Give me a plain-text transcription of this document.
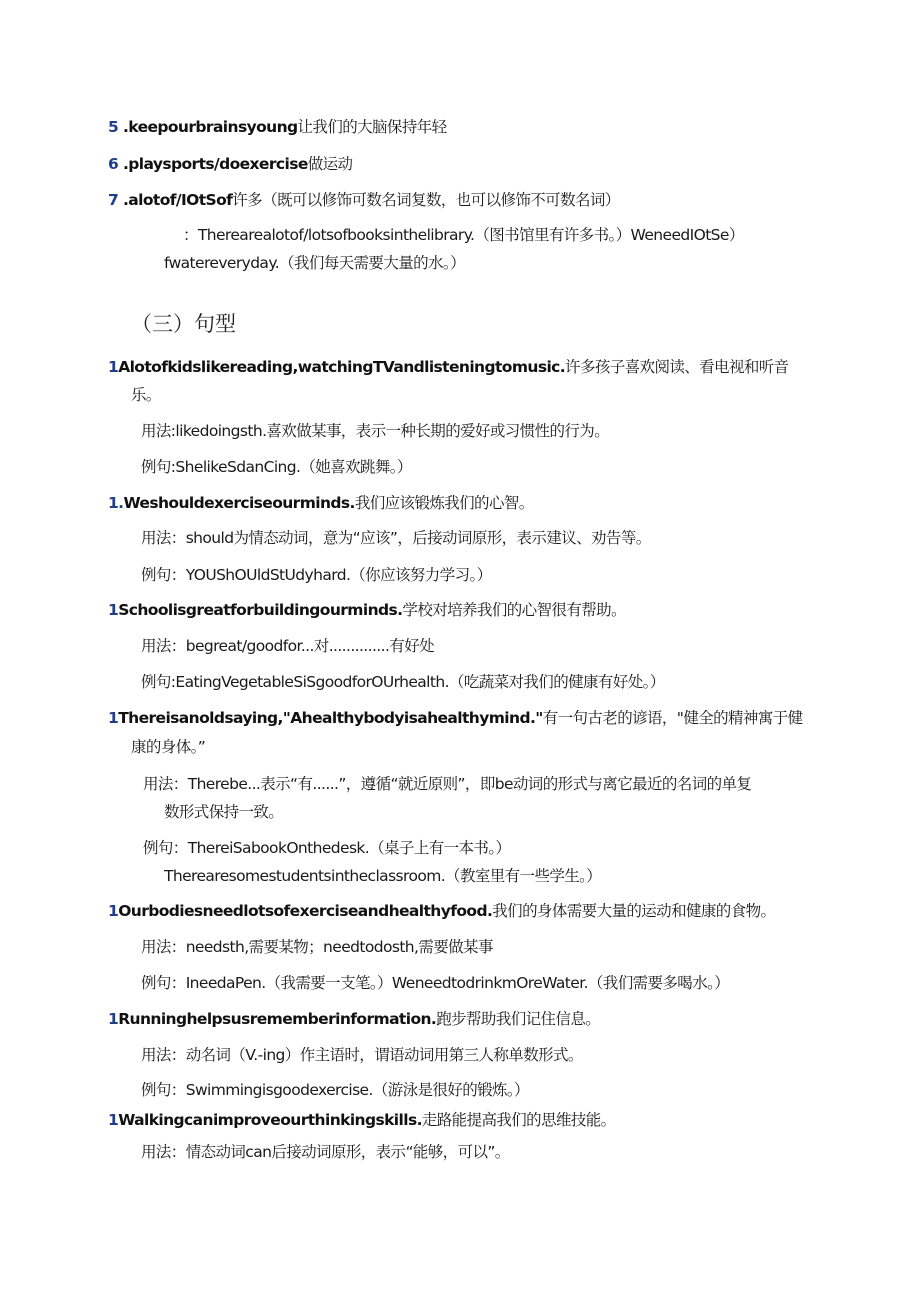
5 .keepourbrainsyoung让我们的大脑保持年轻
6 .playsports/doexercise做运动
7 .alotof/IOtSof许多（既可以修饰可数名词复数，也可以修饰不可数名词）
：Therearealotof/lotsofbooksinthelibrary.（图书馆里有许多书。）WeneedIOtSe）
fwatereveryday.（我们每天需要大量的水。）
（三）句型
1Alotofkidslikereading,watchingTVandlisteningtomusic.许多孩子喜欢阅读、看电视和听音
乐。
用法:likedoingsth.喜欢做某事，表示一种长期的爱好或习惯性的行为。
例句:ShelikeSdanCing.（她喜欢跳舞。）
1.Weshouldexerciseourminds.我们应该锻炼我们的心智。
用法：should为情态动词，意为“应该”，后接动词原形，表示建议、劝告等。
例句：YOUShOUldStUdyhard.（你应该努力学习。）
1Schoolisgreatforbuildingourminds.学校对培养我们的心智很有帮助。
用法：begreat/goodfor...对..............有好处
例句:EatingVegetableSiSgoodforOUrhealth.（吃蔬菜对我们的健康有好处。）
1Thereisanoldsaying,"Ahealthybodyisahealthymind."有一句古老的谚语，"健全的精神寓于健
康的身体。”
用法：Therebe...表示“有......”，遵循“就近原则”，即be动词的形式与离它最近的名词的单复
数形式保持一致。
例句：ThereiSabookOnthedesk.（桌子上有一本书。）
Therearesomestudentsintheclassroom.（教室里有一些学生。）
1Ourbodiesneedlotsofexerciseandhealthyfood.我们的身体需要大量的运动和健康的食物。
用法：needsth,需要某物；needtodosth,需要做某事
例句：IneedaPen.（我需要一支笔。）WeneedtodrinkmOreWater.（我们需要多喝水。）
1Runninghelpsusrememberinformation.跑步帮助我们记住信息。
用法：动名词（V.-ing）作主语时，谓语动词用第三人称单数形式。
例句：Swimmingisgoodexercise.（游泳是很好的锻炼。）
1Walkingcanimproveourthinkingskills.走路能提高我们的思维技能。
用法：情态动词can后接动词原形，表示“能够，可以”。
